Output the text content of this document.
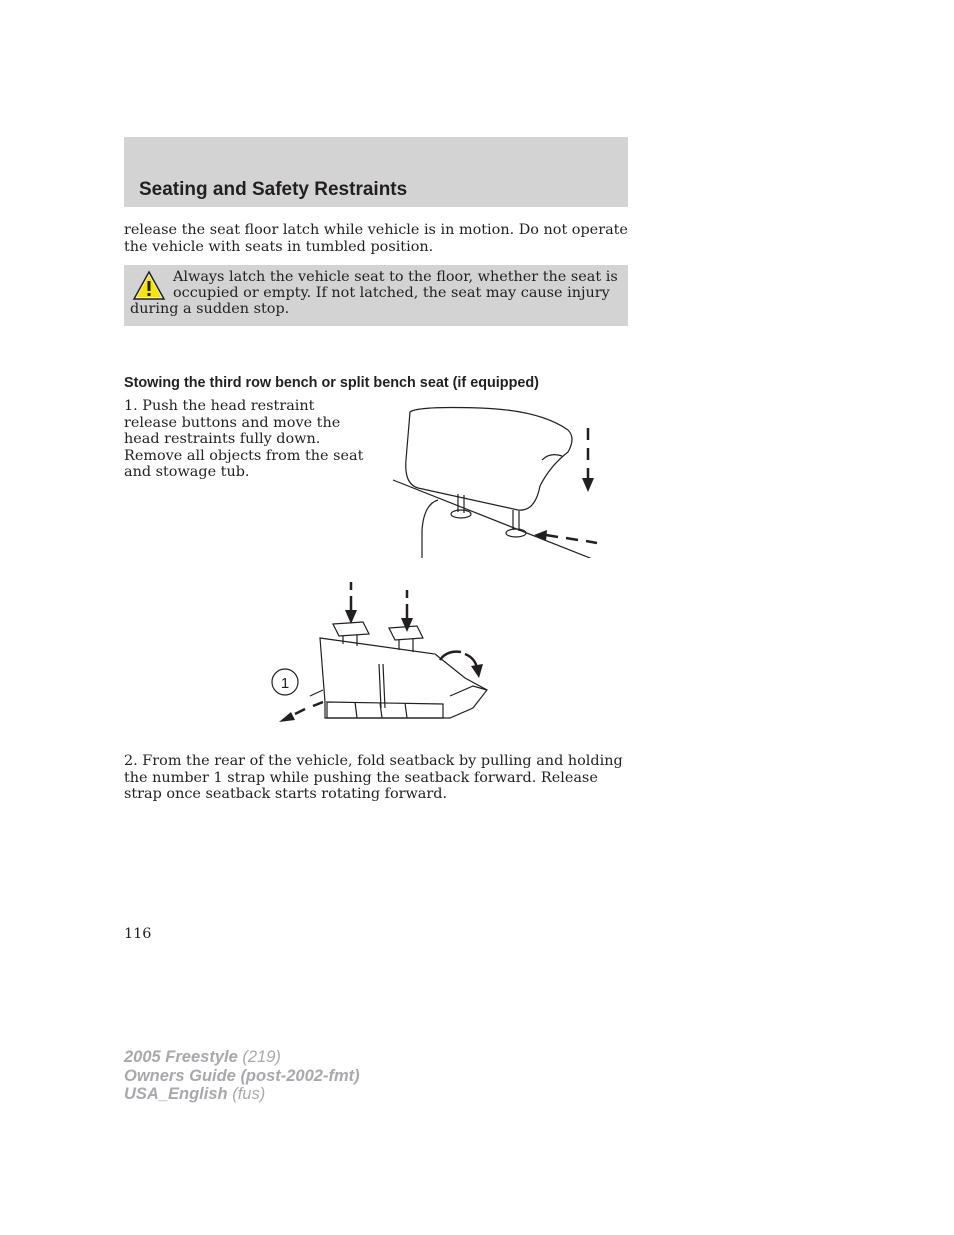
Seating and Safety Restraints
release the seat floor latch while vehicle is in motion. Do not operate the vehicle with seats in tumbled position.
Always latch the vehicle seat to the floor, whether the seat is occupied or empty. If not latched, the seat may cause injury during a sudden stop.
Stowing the third row bench or split bench seat (if equipped)
1. Push the head restraint release buttons and move the head restraints fully down. Remove all objects from the seat and stowage tub.
1
2. From the rear of the vehicle, fold seatback by pulling and holding the number 1 strap while pushing the seatback forward. Release strap once seatback starts rotating forward.
116
2005 Freestyle (219)
Owners Guide (post-2002-fmt)
USA_English (fus)
